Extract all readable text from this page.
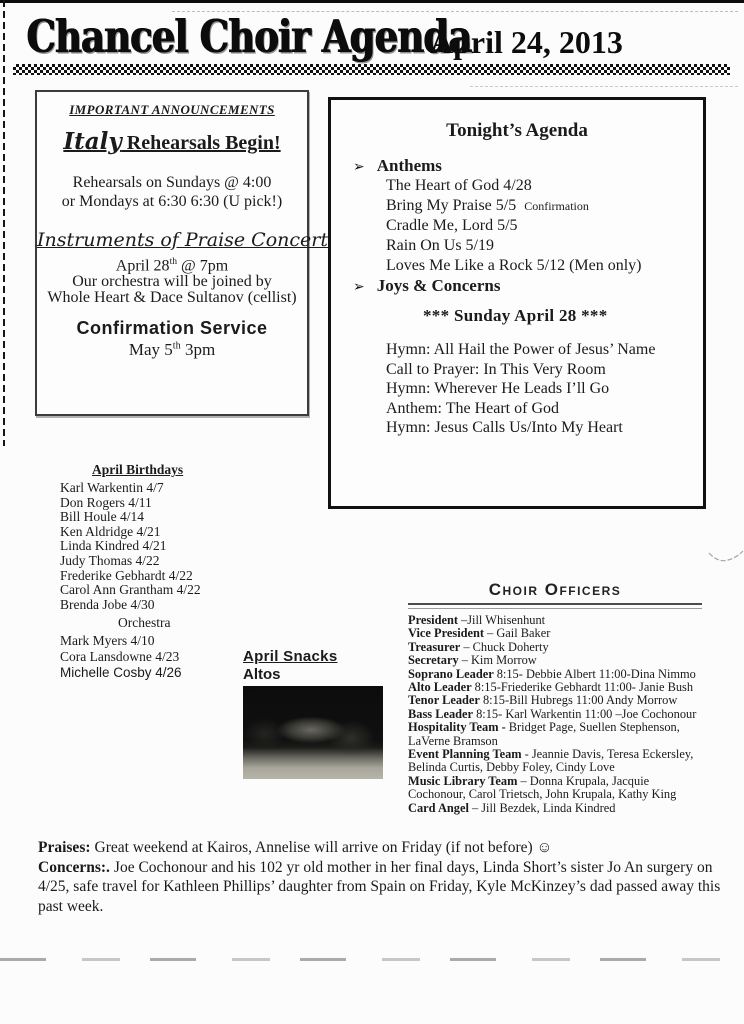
Chancel Choir Agenda
April 24, 2013
IMPORTANT ANNOUNCEMENTS
Italy Rehearsals Begin!
Rehearsals on Sundays @ 4:00
or Mondays at 6:30 6:30 (U pick!)
Instruments of Praise Concert
April 28th @ 7pm
Our orchestra will be joined by
Whole Heart & Dace Sultanov (cellist)
Confirmation Service
May 5th 3pm
Tonight’s Agenda
➢ Anthems
The Heart of God 4/28
Bring My Praise 5/5 Confirmation
Cradle Me, Lord 5/5
Rain On Us 5/19
Loves Me Like a Rock 5/12 (Men only)
➢ Joys & Concerns
*** Sunday April 28 ***
Hymn: All Hail the Power of Jesus’ Name
Call to Prayer: In This Very Room
Hymn: Wherever He Leads I’ll Go
Anthem: The Heart of God
Hymn: Jesus Calls Us/Into My Heart
April Birthdays
Karl Warkentin 4/7
Don Rogers 4/11
Bill Houle 4/14
Ken Aldridge 4/21
Linda Kindred 4/21
Judy Thomas 4/22
Frederike Gebhardt 4/22
Carol Ann Grantham 4/22
Brenda Jobe 4/30
Orchestra
Mark Myers 4/10
Cora Lansdowne 4/23
Michelle Cosby 4/26
April Snacks
Altos
Choir Officers
President –Jill Whisenhunt
Vice President – Gail Baker
Treasurer – Chuck Doherty
Secretary – Kim Morrow
Soprano Leader 8:15- Debbie Albert 11:00-Dina Nimmo
Alto Leader 8:15-Friederike Gebhardt 11:00- Janie Bush
Tenor Leader 8:15-Bill Hubregs 11:00 Andy Morrow
Bass Leader 8:15- Karl Warkentin 11:00 –Joe Cochonour
Hospitality Team - Bridget Page, Suellen Stephenson, LaVerne Bramson
Event Planning Team - Jeannie Davis, Teresa Eckersley, Belinda Curtis, Debby Foley, Cindy Love
Music Library Team – Donna Krupala, Jacquie Cochonour, Carol Trietsch, John Krupala, Kathy King
Card Angel – Jill Bezdek, Linda Kindred
Praises: Great weekend at Kairos, Annelise will arrive on Friday (if not before) ☺
Concerns:. Joe Cochonour and his 102 yr old mother in her final days, Linda Short’s sister Jo An surgery on 4/25, safe travel for Kathleen Phillips’ daughter from Spain on Friday, Kyle McKinzey’s dad passed away this past week.
